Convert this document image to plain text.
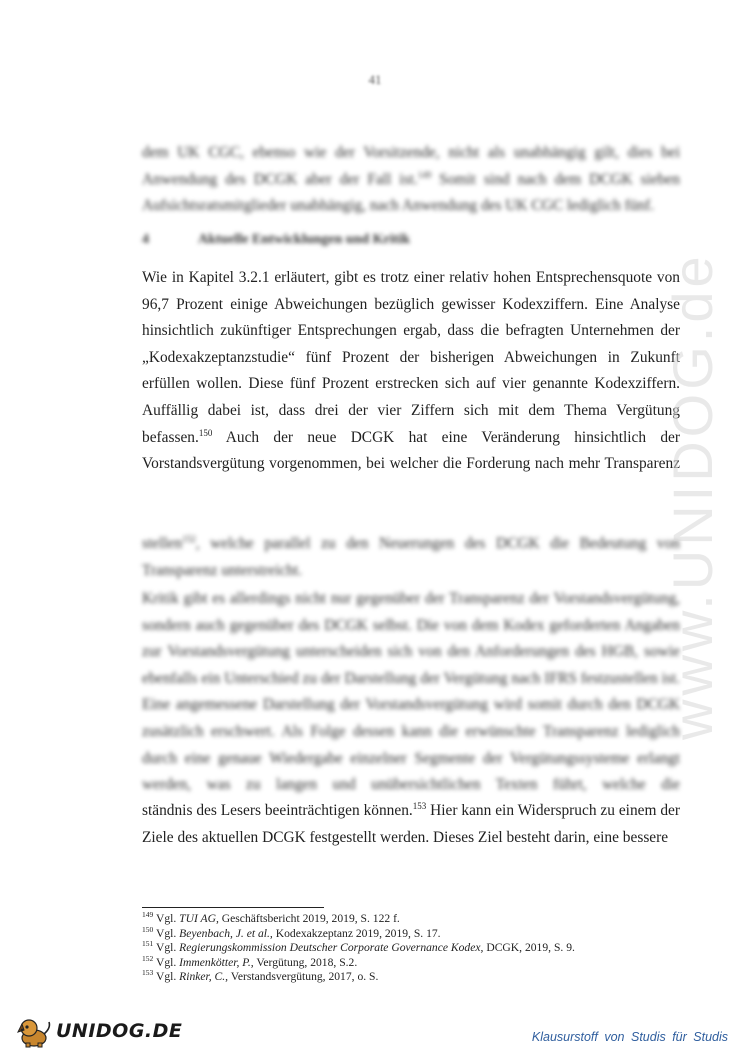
41
dem UK CGC, ebenso wie der Vorsitzende, nicht als unabhängig gilt, dies bei Anwendung des DCGK aber der Fall ist.$^{149}$ Somit sind nach dem DCGK sieben Aufsichtsratsmitglieder unabhängig, nach Anwendung des UK CGC lediglich fünf.
4	Aktuelle Entwicklungen und Kritik
Wie in Kapitel 3.2.1 erläutert, gibt es trotz einer relativ hohen Entsprechensquote von 96,7 Prozent einige Abweichungen bezüglich gewisser Kodexziffern. Eine Analyse hinsichtlich zukünftiger Entsprechungen ergab, dass die befragten Unternehmen der „Kodexakzeptanzstudie“ fünf Prozent der bisherigen Abweichungen in Zukunft erfüllen wollen. Diese fünf Prozent erstrecken sich auf vier genannte Kodexziffern. Auffällig dabei ist, dass drei der vier Ziffern sich mit dem Thema Vergütung befassen.$^{150}$ Auch der neue DCGK hat eine Veränderung hinsichtlich der Vorstandsvergütung vorgenommen, bei welcher die Forderung nach mehr Transparenz
stellen$^{152}$, welche parallel zu den Neuerungen des DCGK die Bedeutung von Transparenz unterstreicht.
Kritik gibt es allerdings nicht nur gegenüber der Transparenz der Vorstandsvergütung, sondern auch gegenüber des DCGK selbst. Die von dem Kodex geforderten Angaben zur Vorstandsvergütung unterscheiden sich von den Anforderungen des HGB, sowie ebenfalls ein Unterschied zu der Darstellung der Vergütung nach IFRS festzustellen ist. Eine angemessene Darstellung der Vorstandsvergütung wird somit durch den DCGK zusätzlich erschwert. Als Folge dessen kann die erwünschte Transparenz lediglich durch eine genaue Wiedergabe einzelner Segmente der Vergütungssysteme erlangt werden, was zu langen und unübersichtlichen Texten führt, welche die
ständnis des Lesers beeinträchtigen können.$^{153}$ Hier kann ein Widerspruch zu einem der Ziele des aktuellen DCGK festgestellt werden. Dieses Ziel besteht darin, eine bessere
www.UNIDOG.de
$^{149}$ Vgl. TUI AG, Geschäftsbericht 2019, 2019, S. 122 f.
$^{150}$ Vgl. Beyenbach, J. et al., Kodexakzeptanz 2019, 2019, S. 17.
$^{151}$ Vgl. Regierungskommission Deutscher Corporate Governance Kodex, DCGK, 2019, S. 9.
$^{152}$ Vgl. Immenkötter, P., Vergütung, 2018, S.2.
$^{153}$ Vgl. Rinker, C., Verstandsvergütung, 2017, o. S.
UNIDOG.DE	Klausurstoff von Studis für Studis
